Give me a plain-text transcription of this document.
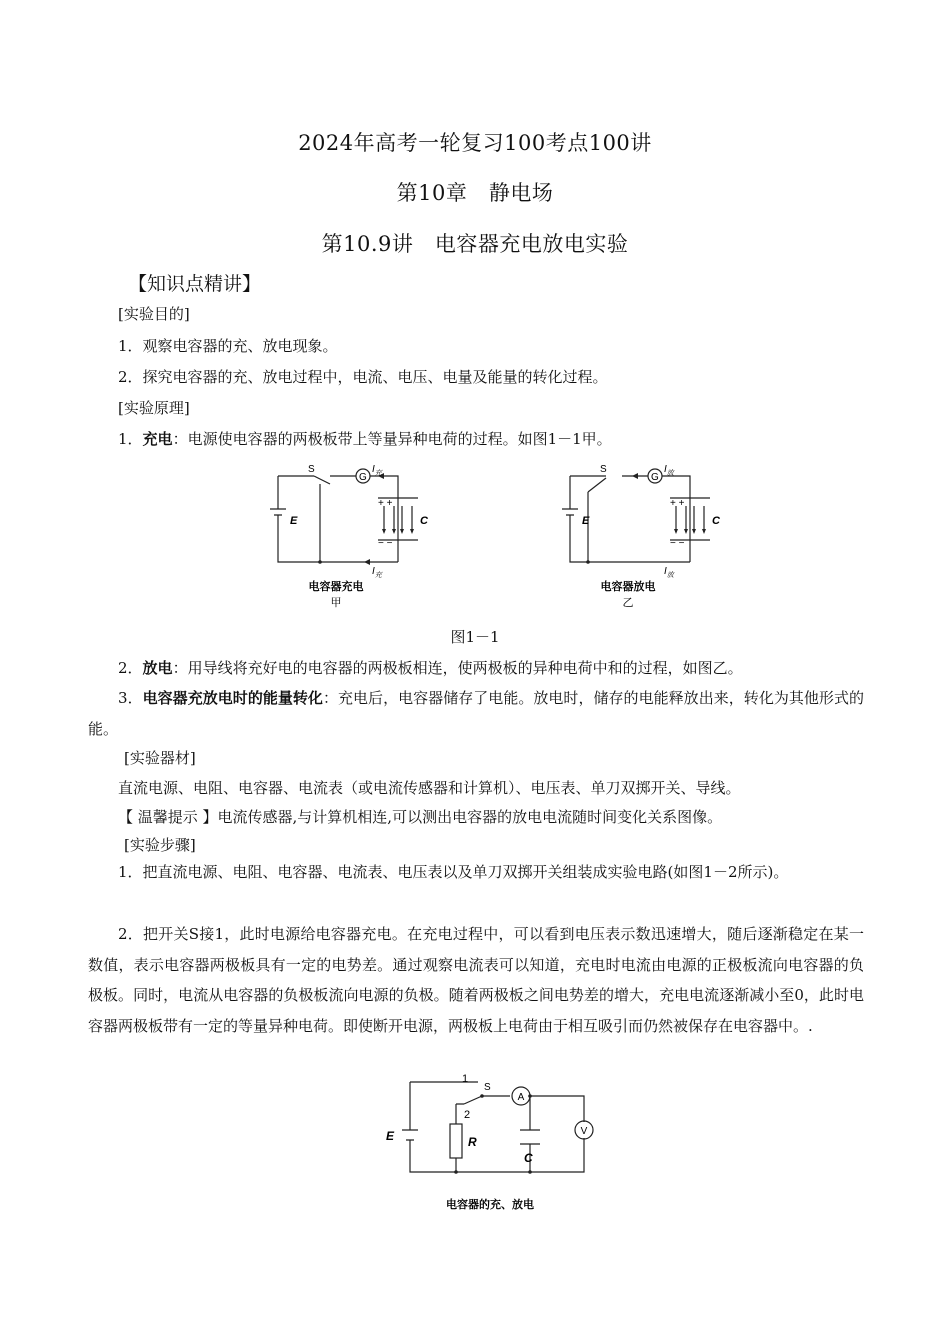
2024年高考一轮复习100考点100讲
第10章　静电场
第10.9讲　电容器充电放电实验
【知识点精讲】
[实验目的]
1．观察电容器的充、放电现象。
2．探究电容器的充、放电过程中，电流、电压、电量及能量的转化过程。
[实验原理]
1．充电：电源使电容器的两极板带上等量异种电荷的过程。如图1－1甲。
S
G
$I_充$
+ +
− −
E	C
$I_充$
电容器充电
甲
S
G
$I_放$
+ +
− −
E	C
$I_放$
电容器放电
乙
图1－1
2．放电：用导线将充好电的电容器的两极板相连，使两极板的异种电荷中和的过程，如图乙。
3．电容器充放电时的能量转化：充电后，电容器储存了电能。放电时，储存的电能释放出来，转化为其他形式的能。
[实验器材]
直流电源、电阻、电容器、电流表（或电流传感器和计算机）、电压表、单刀双掷开关、导线。
【 温馨提示 】电流传感器,与计算机相连,可以测出电容器的放电电流随时间变化关系图像。
[实验步骤]
1．把直流电源、电阻、电容器、电流表、电压表以及单刀双掷开关组装成实验电路(如图1－2所示)。
2．把开关S接1，此时电源给电容器充电。在充电过程中，可以看到电压表示数迅速增大，随后逐渐稳定在某一数值，表示电容器两极板具有一定的电势差。通过观察电流表可以知道，充电时电流由电源的正极板流向电容器的负极板。同时，电流从电容器的负极板流向电源的负极。随着两极板之间电势差的增大，充电电流逐渐减小至0，此时电容器两极板带有一定的等量异种电荷。即使断开电源，两极板上电荷由于相互吸引而仍然被保存在电容器中。.
1
2
S
A
V
E	R
C
电容器的充、放电
